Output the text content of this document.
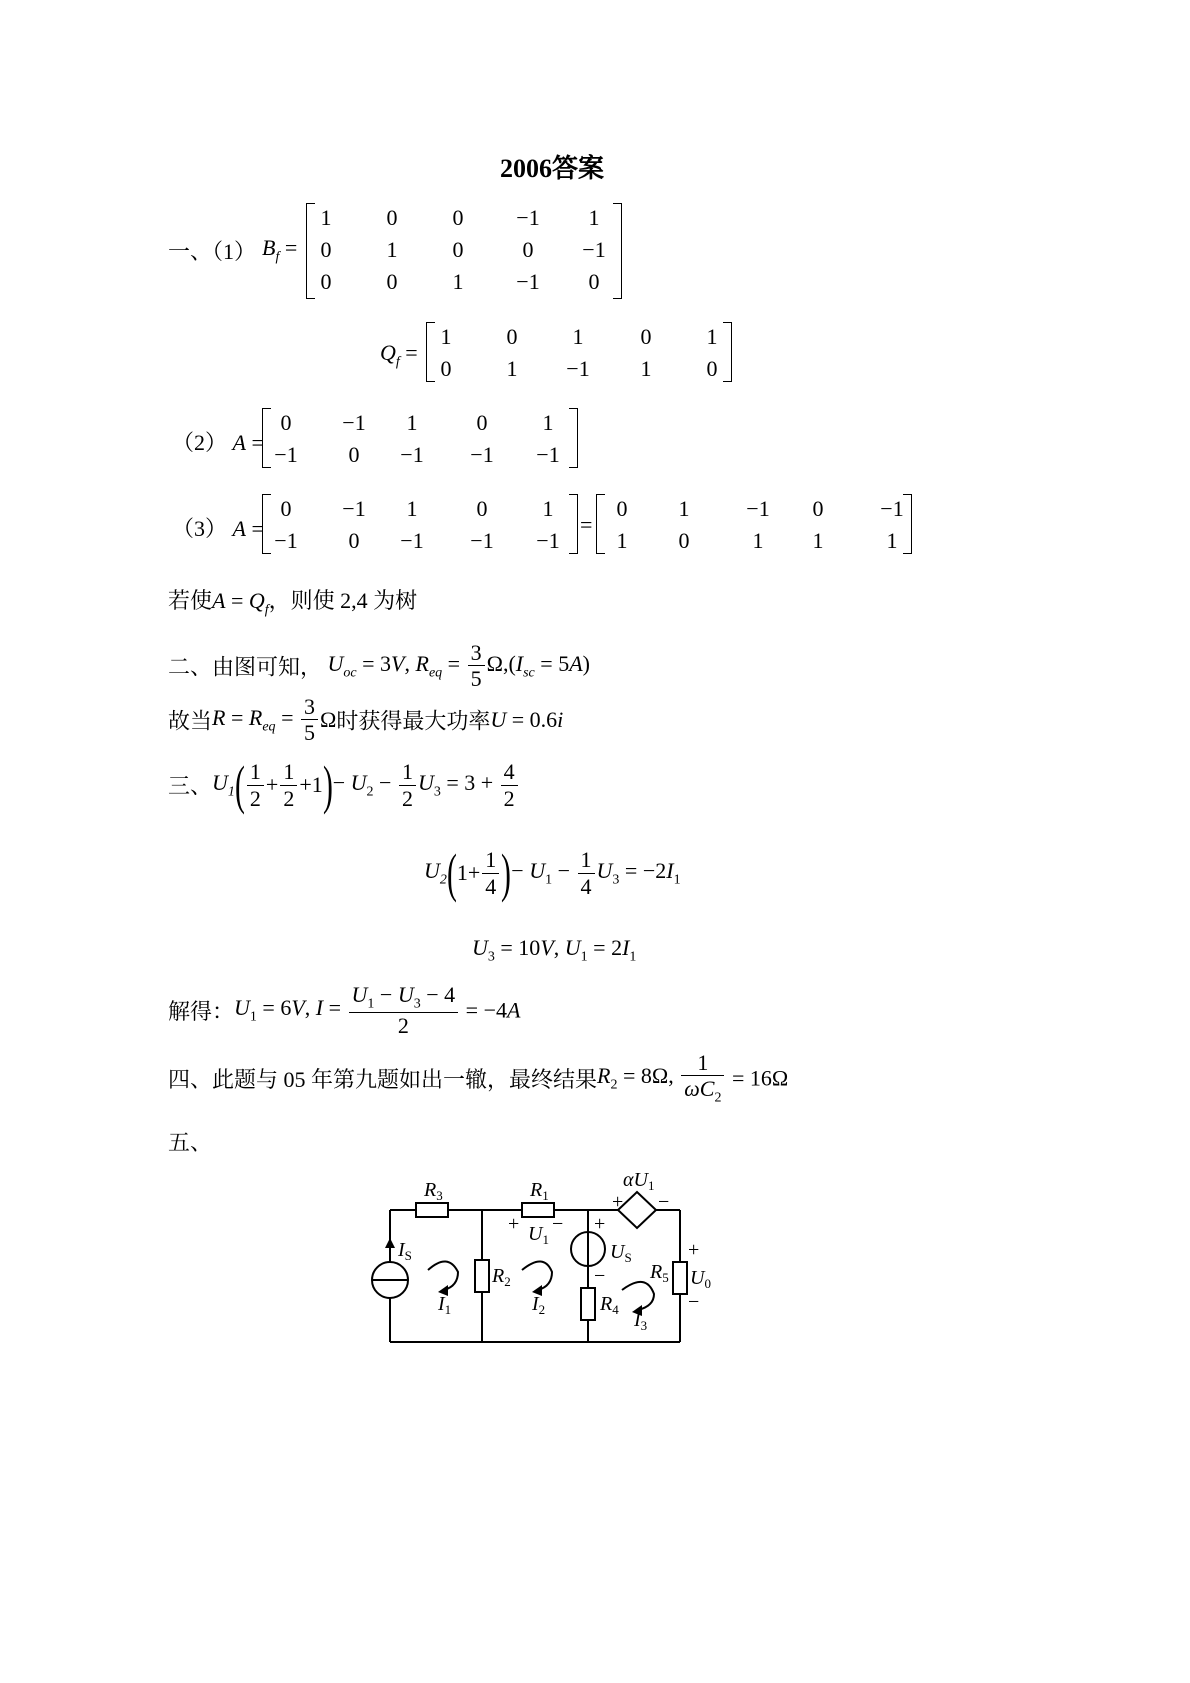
2006答案
一、（1） $B_f$ =
1	0	0	−1	1
0	1	0	0	−1
0	0	1	−1	0
$Q_f$ =
1	0	1	0	1
0	1	−1	1	0
（2） A =
0	−1	1	0	1
−1	0	−1	−1	−1
（3） A =
0	−1	1	0	1
−1	0	−1	−1	−1
=
0	1	−1	0	−1
1	0	1	1	1
若使$A = Q_f$，则使 2,4 为树
二、由图可知， $U_{oc} = 3V$, $R_{eq} = \frac{3}{5} \Omega,(I_{sc} = 5A)$
故当$R = R_{eq} = \frac{3}{5}$ Ω时获得最大功率U = 0.6i
三、$U_1( \frac{1}{2} + \frac{1}{2} +1)- U_2 - \frac{1}{2} U_3 = 3 + \frac{4}{2}$
$U_2(1+ \frac{1}{4}$ )− $U_1 - \frac{1}{4} U_3 = -2I_1$
$U_3 = 10V$, $U_1 = 2I_1$
解得：$U_1 = 6V$, $I = \frac{U_1 - U_3 - 4}{2} = -4A$
四、此题与 05 年第九题如出一辙，最终结果$R_2 = 8\Omega$, $\frac{1}{\omega C_2} = 16\Omega$
五、
$R_3$	$R_1$
$\alpha U_1$
+ −
+ $U_1$
− +
$U_S$
−
$I_S$
$R_2$
$R_4$
$R_5$
+
$U_0$
−
$I_1$	$I_2$	$I_3$
